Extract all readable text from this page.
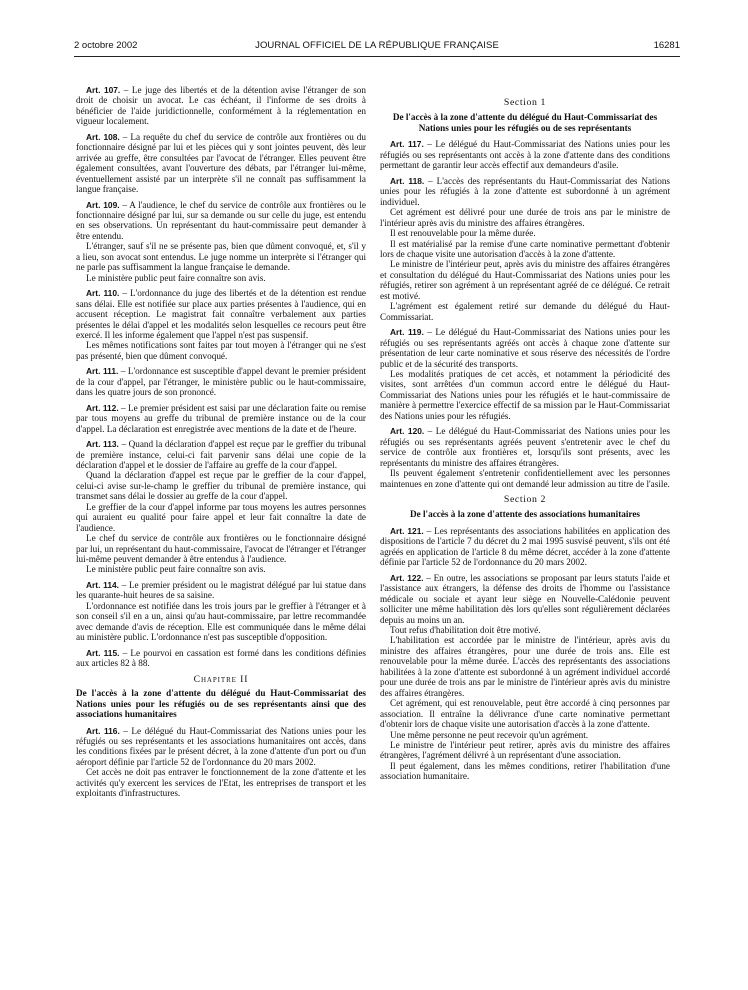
2 octobre 2002	JOURNAL OFFICIEL DE LA RÉPUBLIQUE FRANÇAISE	16281

Art. 107. – Le juge des libertés et de la détention avise l'étranger de son droit de choisir un avocat. Le cas échéant, il l'informe de ses droits à bénéficier de l'aide juridictionnelle, conformément à la réglementation en vigueur localement.

Art. 108. – La requête du chef du service de contrôle aux frontières ou du fonctionnaire désigné par lui et les pièces qui y sont jointes peuvent, dès leur arrivée au greffe, être consultées par l'avocat de l'étranger. Elles peuvent être également consultées, avant l'ouverture des débats, par l'étranger lui-même, éventuellement assisté par un interprète s'il ne connaît pas suffisamment la langue française.

Art. 109. – A l'audience, le chef du service de contrôle aux frontières ou le fonctionnaire désigné par lui, sur sa demande ou sur celle du juge, est entendu en ses observations. Un représentant du haut-commissaire peut demander à être entendu.

L'étranger, sauf s'il ne se présente pas, bien que dûment convoqué, et, s'il y a lieu, son avocat sont entendus. Le juge nomme un interprète si l'étranger qui ne parle pas suffisamment la langue française le demande.

Le ministère public peut faire connaître son avis.

Art. 110. – L'ordonnance du juge des libertés et de la détention est rendue sans délai. Elle est notifiée sur place aux parties présentes à l'audience, qui en accusent réception. Le magistrat fait connaître verbalement aux parties présentes le délai d'appel et les modalités selon lesquelles ce recours peut être exercé. Il les informe également que l'appel n'est pas suspensif.

Les mêmes notifications sont faites par tout moyen à l'étranger qui ne s'est pas présenté, bien que dûment convoqué.

Art. 111. – L'ordonnance est susceptible d'appel devant le premier président de la cour d'appel, par l'étranger, le ministère public ou le haut-commissaire, dans les quatre jours de son prononcé.

Art. 112. – Le premier président est saisi par une déclaration faite ou remise par tous moyens au greffe du tribunal de première instance ou de la cour d'appel. La déclaration est enregistrée avec mentions de la date et de l'heure.

Art. 113. – Quand la déclaration d'appel est reçue par le greffier du tribunal de première instance, celui-ci fait parvenir sans délai une copie de la déclaration d'appel et le dossier de l'affaire au greffe de la cour d'appel.

Quand la déclaration d'appel est reçue par le greffier de la cour d'appel, celui-ci avise sur-le-champ le greffier du tribunal de première instance, qui transmet sans délai le dossier au greffe de la cour d'appel.

Le greffier de la cour d'appel informe par tous moyens les autres personnes qui auraient eu qualité pour faire appel et leur fait connaître la date de l'audience.

Le chef du service de contrôle aux frontières ou le fonctionnaire désigné par lui, un représentant du haut-commissaire, l'avocat de l'étranger et l'étranger lui-même peuvent demander à être entendus à l'audience.

Le ministère public peut faire connaître son avis.

Art. 114. – Le premier président ou le magistrat délégué par lui statue dans les quarante-huit heures de sa saisine.

L'ordonnance est notifiée dans les trois jours par le greffier à l'étranger et à son conseil s'il en a un, ainsi qu'au haut-commissaire, par lettre recommandée avec demande d'avis de réception. Elle est communiquée dans le même délai au ministère public. L'ordonnance n'est pas susceptible d'opposition.

Art. 115. – Le pourvoi en cassation est formé dans les conditions définies aux articles 82 à 88.

Chapitre II
De l'accès à la zone d'attente du délégué du Haut-Commissariat des Nations unies pour les réfugiés ou de ses représentants ainsi que des associations humanitaires

Art. 116. – Le délégué du Haut-Commissariat des Nations unies pour les réfugiés ou ses représentants et les associations humanitaires ont accès, dans les conditions fixées par le présent décret, à la zone d'attente d'un port ou d'un aéroport définie par l'article 52 de l'ordonnance du 20 mars 2002.

Cet accès ne doit pas entraver le fonctionnement de la zone d'attente et les activités qu'y exercent les services de l'Etat, les entreprises de transport et les exploitants d'infrastructures.

Section 1
De l'accès à la zone d'attente du délégué du Haut-Commissariat des Nations unies pour les réfugiés ou de ses représentants

Art. 117. – Le délégué du Haut-Commissariat des Nations unies pour les réfugiés ou ses représentants ont accès à la zone d'attente dans des conditions permettant de garantir leur accès effectif aux demandeurs d'asile.

Art. 118. – L'accès des représentants du Haut-Commissariat des Nations unies pour les réfugiés à la zone d'attente est subordonné à un agrément individuel.

Cet agrément est délivré pour une durée de trois ans par le ministre de l'intérieur après avis du ministre des affaires étrangères.

Il est renouvelable pour la même durée.

Il est matérialisé par la remise d'une carte nominative permettant d'obtenir lors de chaque visite une autorisation d'accès à la zone d'attente.

Le ministre de l'intérieur peut, après avis du ministre des affaires étrangères et consultation du délégué du Haut-Commissariat des Nations unies pour les réfugiés, retirer son agrément à un représentant agréé de ce délégué. Ce retrait est motivé.

L'agrément est également retiré sur demande du délégué du Haut-Commissariat.

Art. 119. – Le délégué du Haut-Commissariat des Nations unies pour les réfugiés ou ses représentants agréés ont accès à chaque zone d'attente sur présentation de leur carte nominative et sous réserve des nécessités de l'ordre public et de la sécurité des transports.

Les modalités pratiques de cet accès, et notamment la périodicité des visites, sont arrêtées d'un commun accord entre le délégué du Haut-Commissariat des Nations unies pour les réfugiés et le haut-commissaire de manière à permettre l'exercice effectif de sa mission par le Haut-Commissariat des Nations unies pour les réfugiés.

Art. 120. – Le délégué du Haut-Commissariat des Nations unies pour les réfugiés ou ses représentants agréés peuvent s'entretenir avec le chef du service de contrôle aux frontières et, lorsqu'ils sont présents, avec les représentants du ministre des affaires étrangères.

Ils peuvent également s'entretenir confidentiellement avec les personnes maintenues en zone d'attente qui ont demandé leur admission au titre de l'asile.

Section 2
De l'accès à la zone d'attente des associations humanitaires

Art. 121. – Les représentants des associations habilitées en application des dispositions de l'article 7 du décret du 2 mai 1995 susvisé peuvent, s'ils ont été agréés en application de l'article 8 du même décret, accéder à la zone d'attente définie par l'article 52 de l'ordonnance du 20 mars 2002.

Art. 122. – En outre, les associations se proposant par leurs statuts l'aide et l'assistance aux étrangers, la défense des droits de l'homme ou l'assistance médicale ou sociale et ayant leur siège en Nouvelle-Calédonie peuvent solliciter une même habilitation dès lors qu'elles sont régulièrement déclarées depuis au moins un an.

Tout refus d'habilitation doit être motivé.

L'habilitation est accordée par le ministre de l'intérieur, après avis du ministre des affaires étrangères, pour une durée de trois ans. Elle est renouvelable pour la même durée. L'accès des représentants des associations habilitées à la zone d'attente est subordonné à un agrément individuel accordé pour une durée de trois ans par le ministre de l'intérieur après avis du ministre des affaires étrangères.

Cet agrément, qui est renouvelable, peut être accordé à cinq personnes par association. Il entraîne la délivrance d'une carte nominative permettant d'obtenir lors de chaque visite une autorisation d'accès à la zone d'attente.

Une même personne ne peut recevoir qu'un agrément.

Le ministre de l'intérieur peut retirer, après avis du ministre des affaires étrangères, l'agrément délivré à un représentant d'une association.

Il peut également, dans les mêmes conditions, retirer l'habilitation d'une association humanitaire.
